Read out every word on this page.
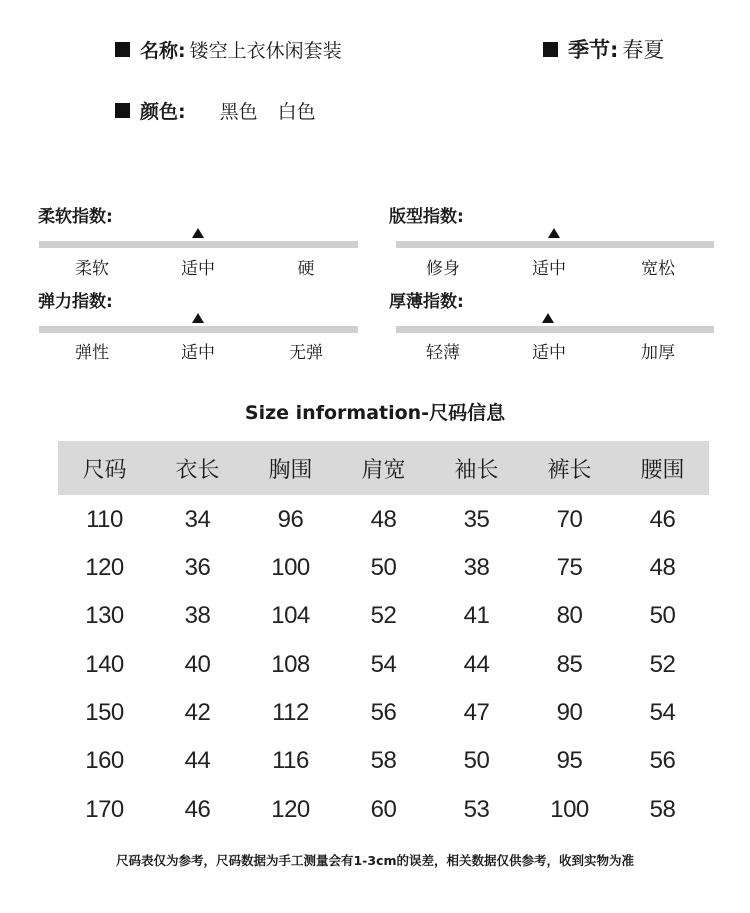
名称: 镂空上衣休闲套装	季节: 春夏
颜色: 黑色 白色
柔软指数:
柔软	适中	硬
版型指数:
修身	适中	宽松
弹力指数:
弹性	适中	无弹
厚薄指数:
轻薄	适中	加厚
Size information-尺码信息
尺码	衣长	胸围	肩宽	袖长	裤长	腰围
110	34	96	48	35	70	46
120	36	100	50	38	75	48
130	38	104	52	41	80	50
140	40	108	54	44	85	52
150	42	112	56	47	90	54
160	44	116	58	50	95	56
170	46	120	60	53	100	58
尺码表仅为参考，尺码数据为手工测量会有1-3cm的误差，相关数据仅供参考，收到实物为准
